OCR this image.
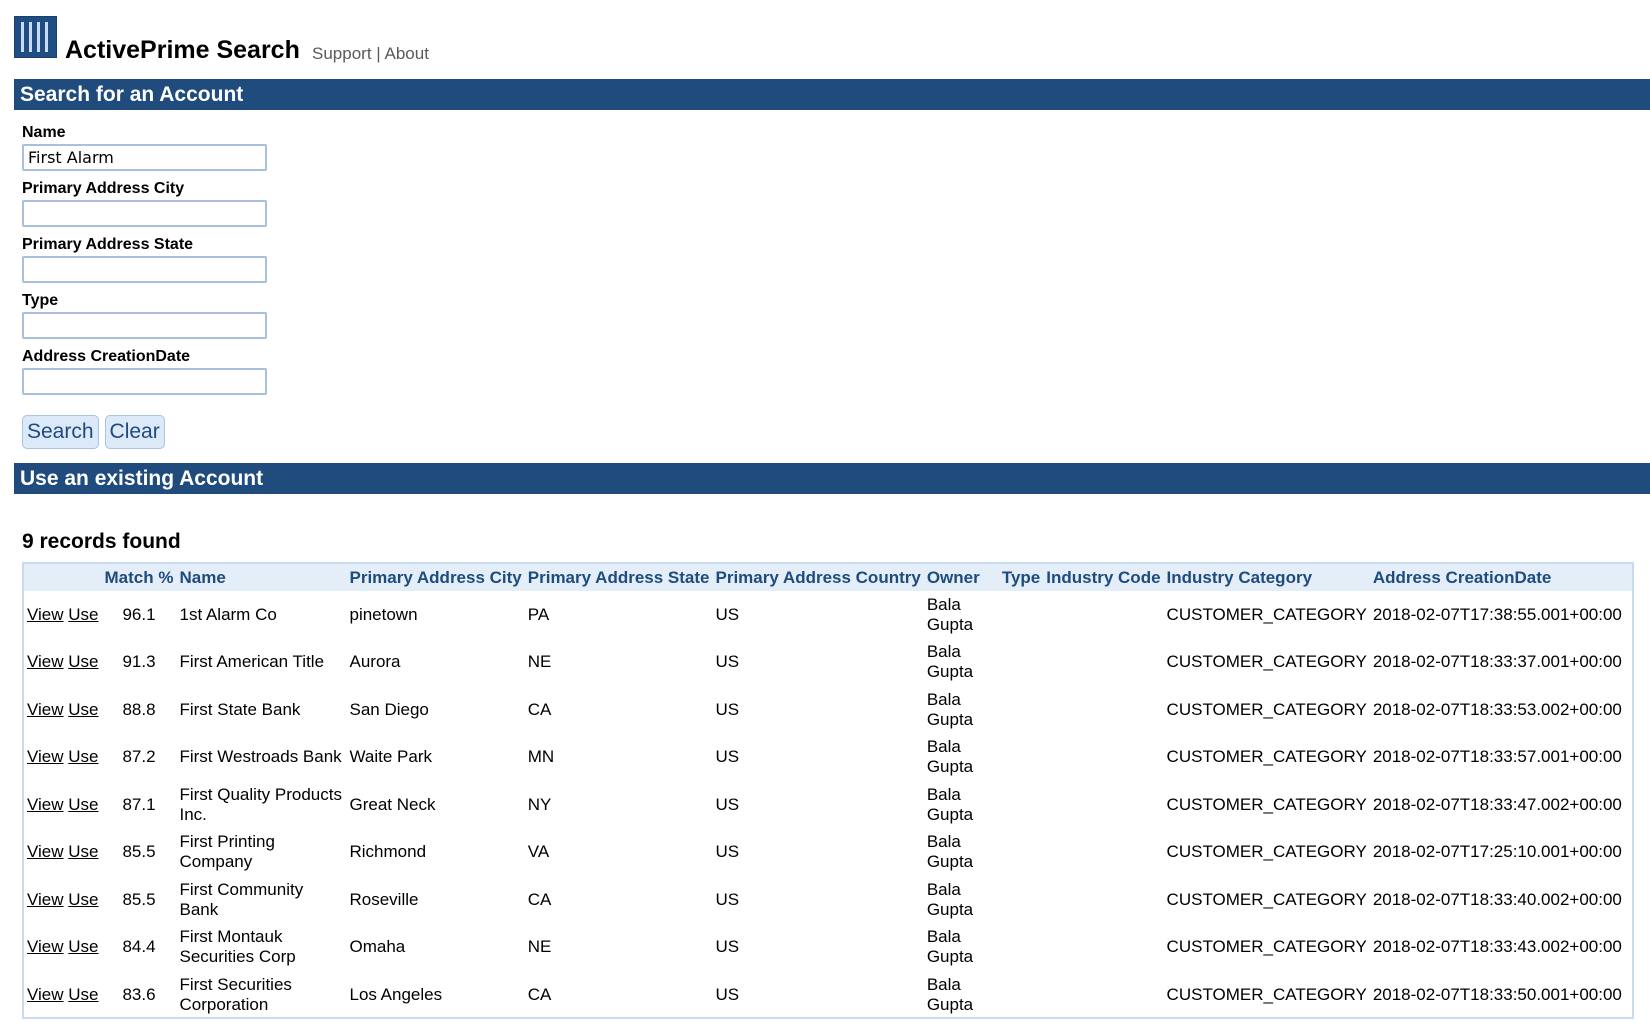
ActivePrime Search Support | About
Search for an Account
Name
First Alarm
Primary Address City
Primary Address State
Type
Address CreationDate
Search Clear
Use an existing Account
9 records found
	Match %	Name	Primary Address City	Primary Address State	Primary Address Country	Owner	Type	Industry Code	Industry Category	Address CreationDate
View Use	96.1	1st Alarm Co	pinetown	PA	US	Bala Gupta			CUSTOMER_CATEGORY	2018-02-07T17:38:55.001+00:00
View Use	91.3	First American Title	Aurora	NE	US	Bala Gupta			CUSTOMER_CATEGORY	2018-02-07T18:33:37.001+00:00
View Use	88.8	First State Bank	San Diego	CA	US	Bala Gupta			CUSTOMER_CATEGORY	2018-02-07T18:33:53.002+00:00
View Use	87.2	First Westroads Bank	Waite Park	MN	US	Bala Gupta			CUSTOMER_CATEGORY	2018-02-07T18:33:57.001+00:00
View Use	87.1	First Quality Products Inc.	Great Neck	NY	US	Bala Gupta			CUSTOMER_CATEGORY	2018-02-07T18:33:47.002+00:00
View Use	85.5	First Printing Company	Richmond	VA	US	Bala Gupta			CUSTOMER_CATEGORY	2018-02-07T17:25:10.001+00:00
View Use	85.5	First Community Bank	Roseville	CA	US	Bala Gupta			CUSTOMER_CATEGORY	2018-02-07T18:33:40.002+00:00
View Use	84.4	First Montauk Securities Corp	Omaha	NE	US	Bala Gupta			CUSTOMER_CATEGORY	2018-02-07T18:33:43.002+00:00
View Use	83.6	First Securities Corporation	Los Angeles	CA	US	Bala Gupta			CUSTOMER_CATEGORY	2018-02-07T18:33:50.001+00:00
